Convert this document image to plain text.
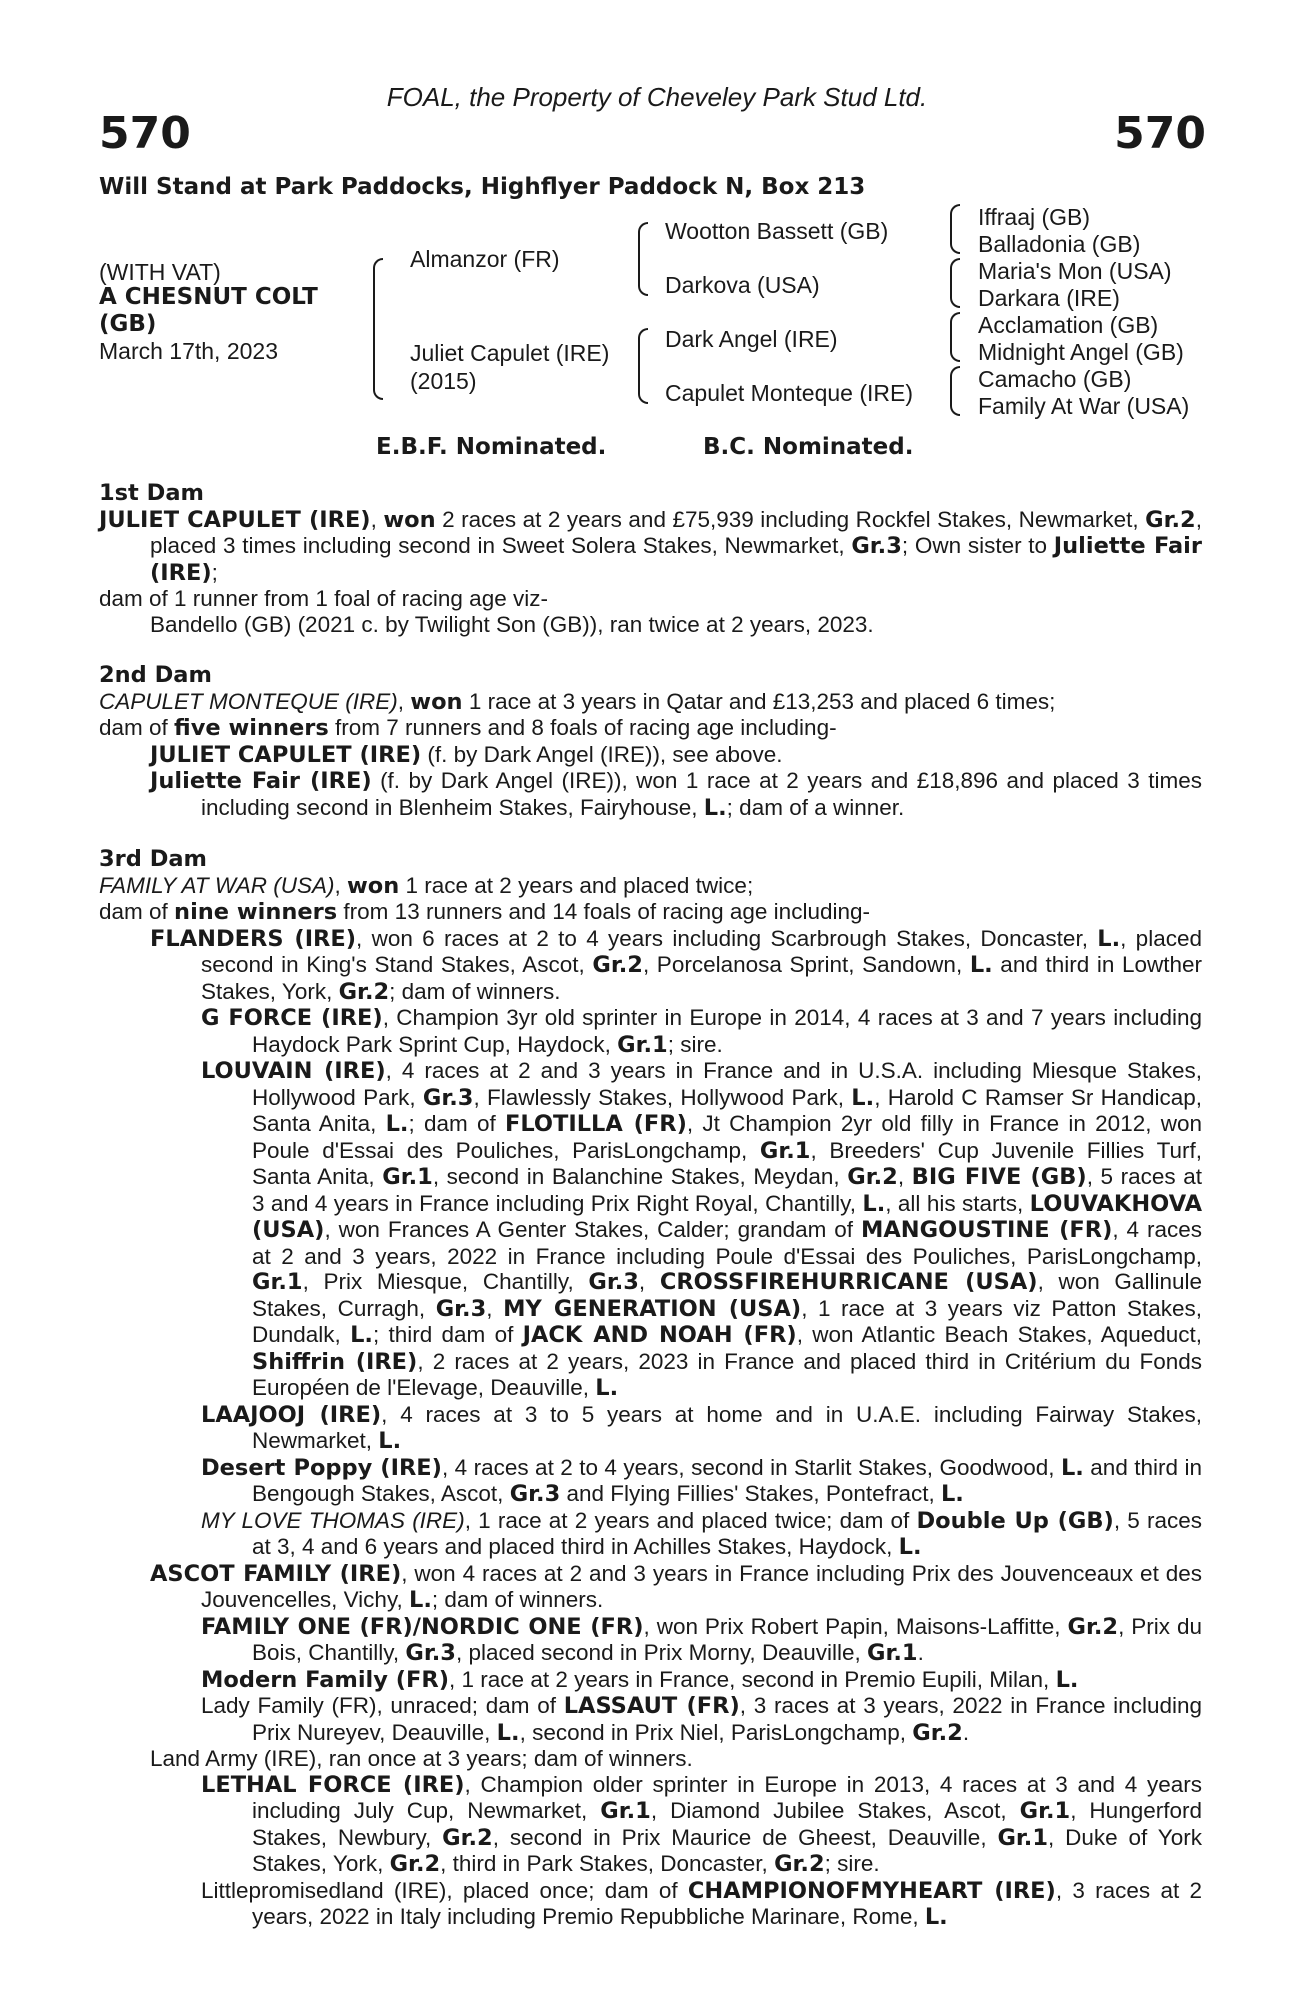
FOAL, the Property of Cheveley Park Stud Ltd.
570	570
Will Stand at Park Paddocks, Highflyer Paddock N, Box 213
(WITH VAT)
A CHESNUT COLT
(GB)
March 17th, 2023
Almanzor (FR)
Juliet Capulet (IRE)
(2015)
Wootton Bassett (GB)
Darkova (USA)
Dark Angel (IRE)
Capulet Monteque (IRE)
Iffraaj (GB)
Balladonia (GB)
Maria's Mon (USA)
Darkara (IRE)
Acclamation (GB)
Midnight Angel (GB)
Camacho (GB)
Family At War (USA)
E.B.F. Nominated.	B.C. Nominated.
1st Dam

JULIET CAPULET (IRE), won 2 races at 2 years and £75,939 including Rockfel Stakes, Newmarket, Gr.2, placed 3 times including second in Sweet Solera Stakes, Newmarket, Gr.3; Own sister to Juliette Fair (IRE);

dam of 1 runner from 1 foal of racing age viz-

Bandello (GB) (2021 c. by Twilight Son (GB)), ran twice at 2 years, 2023.

2nd Dam

CAPULET MONTEQUE (IRE), won 1 race at 3 years in Qatar and £13,253 and placed 6 times;

dam of five winners from 7 runners and 8 foals of racing age including-

JULIET CAPULET (IRE) (f. by Dark Angel (IRE)), see above.

Juliette Fair (IRE) (f. by Dark Angel (IRE)), won 1 race at 2 years and £18,896 and placed 3 times including second in Blenheim Stakes, Fairyhouse, L.; dam of a winner.

3rd Dam

FAMILY AT WAR (USA), won 1 race at 2 years and placed twice;

dam of nine winners from 13 runners and 14 foals of racing age including-

FLANDERS (IRE), won 6 races at 2 to 4 years including Scarbrough Stakes, Doncaster, L., placed second in King's Stand Stakes, Ascot, Gr.2, Porcelanosa Sprint, Sandown, L. and third in Lowther Stakes, York, Gr.2; dam of winners.

G FORCE (IRE), Champion 3yr old sprinter in Europe in 2014, 4 races at 3 and 7 years including Haydock Park Sprint Cup, Haydock, Gr.1; sire.

LOUVAIN (IRE), 4 races at 2 and 3 years in France and in U.S.A. including Miesque Stakes, Hollywood Park, Gr.3, Flawlessly Stakes, Hollywood Park, L., Harold C Ramser Sr Handicap, Santa Anita, L.; dam of FLOTILLA (FR), Jt Champion 2yr old filly in France in 2012, won Poule d'Essai des Pouliches, ParisLongchamp, Gr.1, Breeders' Cup Juvenile Fillies Turf, Santa Anita, Gr.1, second in Balanchine Stakes, Meydan, Gr.2, BIG FIVE (GB), 5 races at 3 and 4 years in France including Prix Right Royal, Chantilly, L., all his starts, LOUVAKHOVA (USA), won Frances A Genter Stakes, Calder; grandam of MANGOUSTINE (FR), 4 races at 2 and 3 years, 2022 in France including Poule d'Essai des Pouliches, ParisLongchamp, Gr.1, Prix Miesque, Chantilly, Gr.3, CROSSFIREHURRICANE (USA), won Gallinule Stakes, Curragh, Gr.3, MY GENERATION (USA), 1 race at 3 years viz Patton Stakes, Dundalk, L.; third dam of JACK AND NOAH (FR), won Atlantic Beach Stakes, Aqueduct, Shiffrin (IRE), 2 races at 2 years, 2023 in France and placed third in Critérium du Fonds Européen de l'Elevage, Deauville, L.

LAAJOOJ (IRE), 4 races at 3 to 5 years at home and in U.A.E. including Fairway Stakes, Newmarket, L.

Desert Poppy (IRE), 4 races at 2 to 4 years, second in Starlit Stakes, Goodwood, L. and third in Bengough Stakes, Ascot, Gr.3 and Flying Fillies' Stakes, Pontefract, L.

MY LOVE THOMAS (IRE), 1 race at 2 years and placed twice; dam of Double Up (GB), 5 races at 3, 4 and 6 years and placed third in Achilles Stakes, Haydock, L.

ASCOT FAMILY (IRE), won 4 races at 2 and 3 years in France including Prix des Jouvenceaux et des Jouvencelles, Vichy, L.; dam of winners.

FAMILY ONE (FR)/NORDIC ONE (FR), won Prix Robert Papin, Maisons-Laffitte, Gr.2, Prix du Bois, Chantilly, Gr.3, placed second in Prix Morny, Deauville, Gr.1.

Modern Family (FR), 1 race at 2 years in France, second in Premio Eupili, Milan, L.

Lady Family (FR), unraced; dam of LASSAUT (FR), 3 races at 3 years, 2022 in France including Prix Nureyev, Deauville, L., second in Prix Niel, ParisLongchamp, Gr.2.

Land Army (IRE), ran once at 3 years; dam of winners.

LETHAL FORCE (IRE), Champion older sprinter in Europe in 2013, 4 races at 3 and 4 years including July Cup, Newmarket, Gr.1, Diamond Jubilee Stakes, Ascot, Gr.1, Hungerford Stakes, Newbury, Gr.2, second in Prix Maurice de Gheest, Deauville, Gr.1, Duke of York Stakes, York, Gr.2, third in Park Stakes, Doncaster, Gr.2; sire.

Littlepromisedland (IRE), placed once; dam of CHAMPIONOFMYHEART (IRE), 3 races at 2 years, 2022 in Italy including Premio Repubbliche Marinare, Rome, L.
